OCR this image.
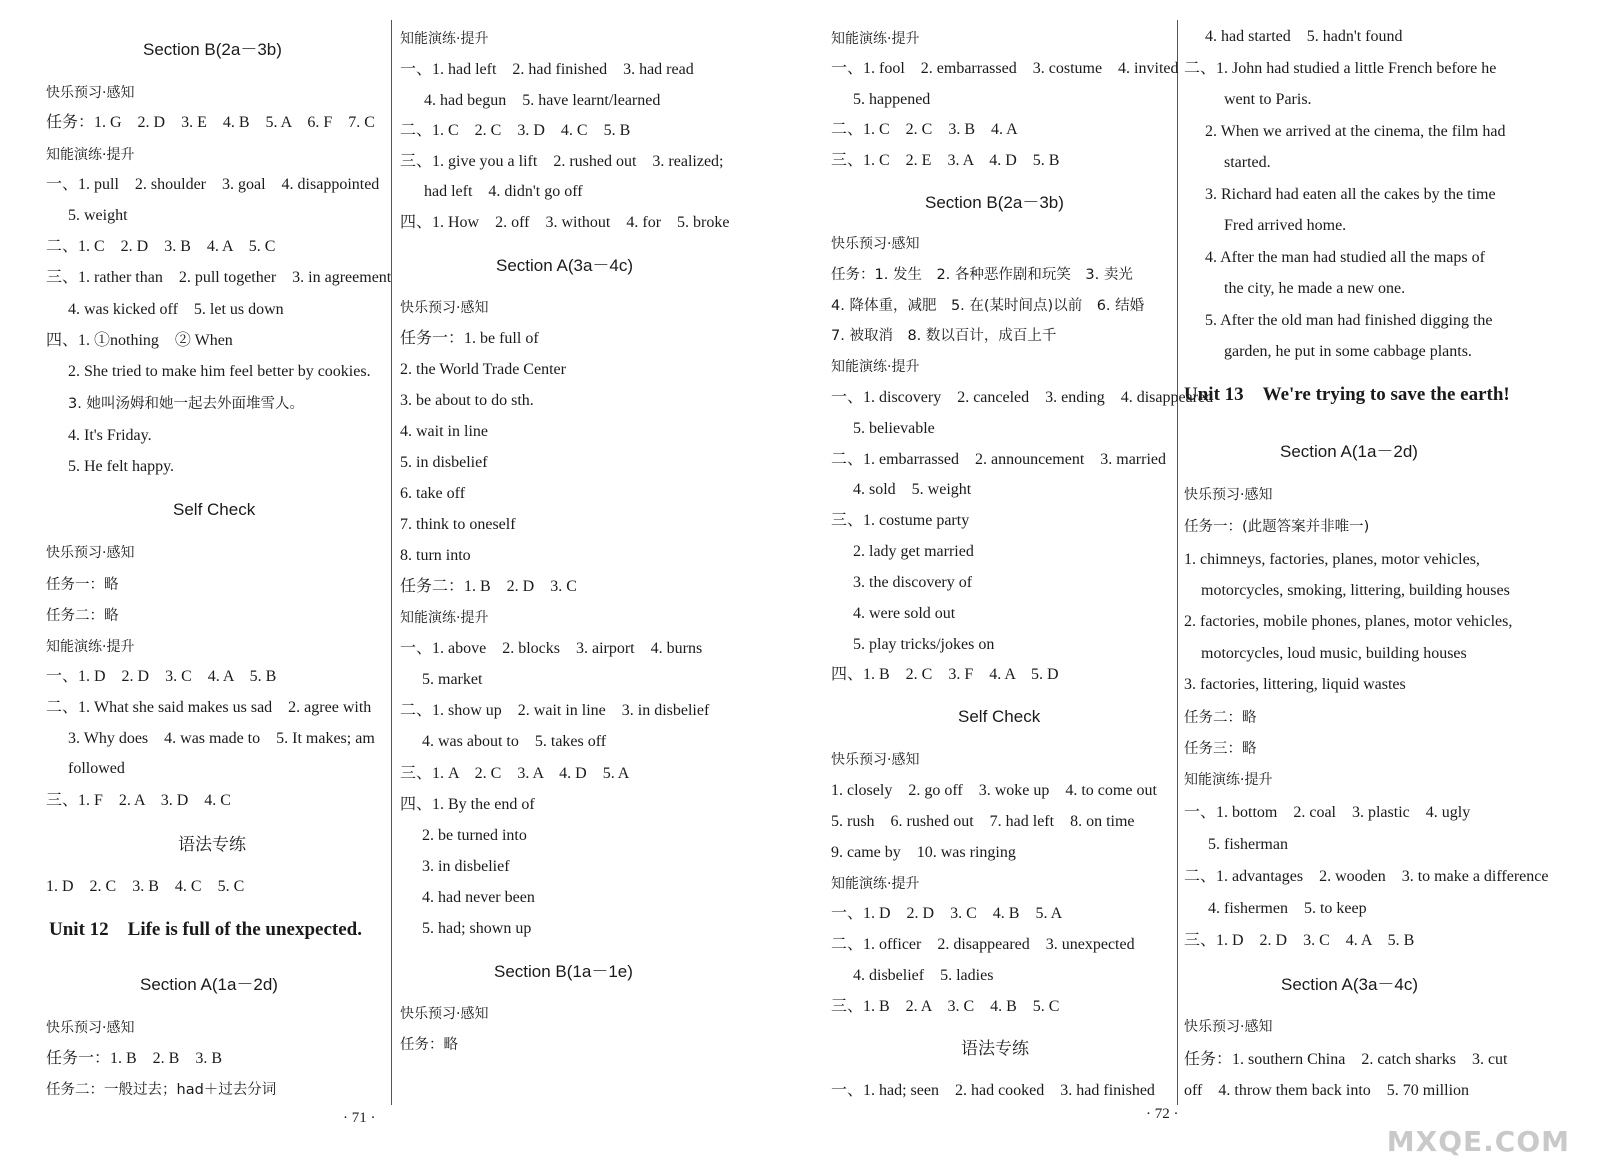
Section B(2a－3b)
快乐预习·感知
任务：1. G　2. D　3. E　4. B　5. A　6. F　7. C
知能演练·提升
一、1. pull　2. shoulder　3. goal　4. disappointed
5. weight
二、1. C　2. D　3. B　4. A　5. C
三、1. rather than　2. pull together　3. in agreement
4. was kicked off　5. let us down
四、1. ①nothing　② When
2. She tried to make him feel better by cookies.
3. 她叫汤姆和她一起去外面堆雪人。
4. It's Friday.
5. He felt happy.
Self Check
快乐预习·感知
任务一：略
任务二：略
知能演练·提升
一、1. D　2. D　3. C　4. A　5. B
二、1. What she said makes us sad　2. agree with
3. Why does　4. was made to　5. It makes; am
followed
三、1. F　2. A　3. D　4. C
语法专练
1. D　2. C　3. B　4. C　5. C
Unit 12　Life is full of the unexpected.
Section A(1a－2d)
快乐预习·感知
任务一：1. B　2. B　3. B
任务二：一般过去；had＋过去分词
知能演练·提升
一、1. had left　2. had finished　3. had read
4. had begun　5. have learnt/learned
二、1. C　2. C　3. D　4. C　5. B
三、1. give you a lift　2. rushed out　3. realized;
had left　4. didn't go off
四、1. How　2. off　3. without　4. for　5. broke
Section A(3a－4c)
快乐预习·感知
任务一：1. be full of
2. the World Trade Center
3. be about to do sth.
4. wait in line
5. in disbelief
6. take off
7. think to oneself
8. turn into
任务二：1. B　2. D　3. C
知能演练·提升
一、1. above　2. blocks　3. airport　4. burns
5. market
二、1. show up　2. wait in line　3. in disbelief
4. was about to　5. takes off
三、1. A　2. C　3. A　4. D　5. A
四、1. By the end of
2. be turned into
3. in disbelief
4. had never been
5. had; shown up
Section B(1a－1e)
快乐预习·感知
任务：略
知能演练·提升
一、1. fool　2. embarrassed　3. costume　4. invited
5. happened
二、1. C　2. C　3. B　4. A
三、1. C　2. E　3. A　4. D　5. B
Section B(2a－3b)
快乐预习·感知
任务：1. 发生　2. 各种恶作剧和玩笑　3. 卖光
4. 降体重，减肥　5. 在(某时间点)以前　6. 结婚
7. 被取消　8. 数以百计，成百上千
知能演练·提升
一、1. discovery　2. canceled　3. ending　4. disappeared
5. believable
二、1. embarrassed　2. announcement　3. married
4. sold　5. weight
三、1. costume party
2. lady get married
3. the discovery of
4. were sold out
5. play tricks/jokes on
四、1. B　2. C　3. F　4. A　5. D
Self Check
快乐预习·感知
1. closely　2. go off　3. woke up　4. to come out
5. rush　6. rushed out　7. had left　8. on time
9. came by　10. was ringing
知能演练·提升
一、1. D　2. D　3. C　4. B　5. A
二、1. officer　2. disappeared　3. unexpected
4. disbelief　5. ladies
三、1. B　2. A　3. C　4. B　5. C
语法专练
一、1. had; seen　2. had cooked　3. had finished
4. had started　5. hadn't found
二、1. John had studied a little French before he
went to Paris.
2. When we arrived at the cinema, the film had
started.
3. Richard had eaten all the cakes by the time
Fred arrived home.
4. After the man had studied all the maps of
the city, he made a new one.
5. After the old man had finished digging the
garden, he put in some cabbage plants.
Unit 13　We're trying to save the earth!
Section A(1a－2d)
快乐预习·感知
任务一：(此题答案并非唯一)
1. chimneys, factories, planes, motor vehicles,
motorcycles, smoking, littering, building houses
2. factories, mobile phones, planes, motor vehicles,
motorcycles, loud music, building houses
3. factories, littering, liquid wastes
任务二：略
任务三：略
知能演练·提升
一、1. bottom　2. coal　3. plastic　4. ugly
5. fisherman
二、1. advantages　2. wooden　3. to make a difference
4. fishermen　5. to keep
三、1. D　2. D　3. C　4. A　5. B
Section A(3a－4c)
快乐预习·感知
任务：1. southern China　2. catch sharks　3. cut
off　4. throw them back into　5. 70 million
· 71 ·	· 72 ·
MXQE.COM
